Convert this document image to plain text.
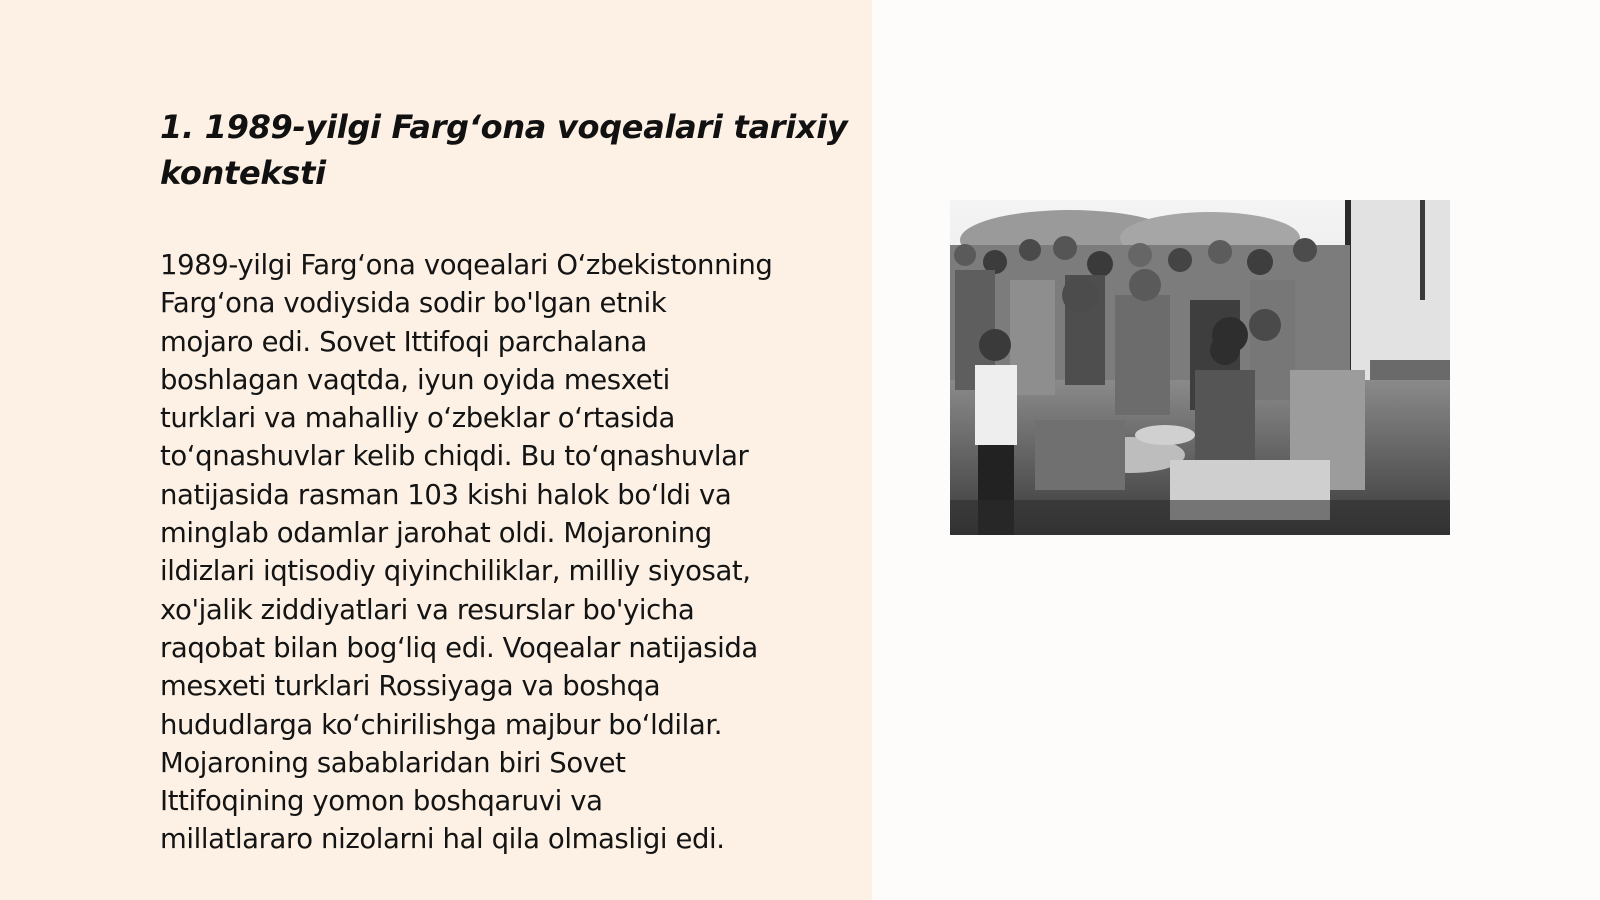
1. 1989-yilgi Farg‘ona voqealari tarixiy
konteksti
1989-yilgi Farg‘ona voqealari O‘zbekistonning
Farg‘ona vodiysida sodir bo'lgan etnik
mojaro edi. Sovet Ittifoqi parchalana
boshlagan vaqtda, iyun oyida mesxeti
turklari va mahalliy o‘zbeklar o‘rtasida
to‘qnashuvlar kelib chiqdi. Bu to‘qnashuvlar
natijasida rasman 103 kishi halok bo‘ldi va
minglab odamlar jarohat oldi. Mojaroning
ildizlari iqtisodiy qiyinchiliklar, milliy siyosat,
xo'jalik ziddiyatlari va resurslar bo'yicha
raqobat bilan bog‘liq edi. Voqealar natijasida
mesxeti turklari Rossiyaga va boshqa
hududlarga ko‘chirilishga majbur bo‘ldilar.
Mojaroning sabablaridan biri Sovet
Ittifoqining yomon boshqaruvi va
millatlararo nizolarni hal qila olmasligi edi.
